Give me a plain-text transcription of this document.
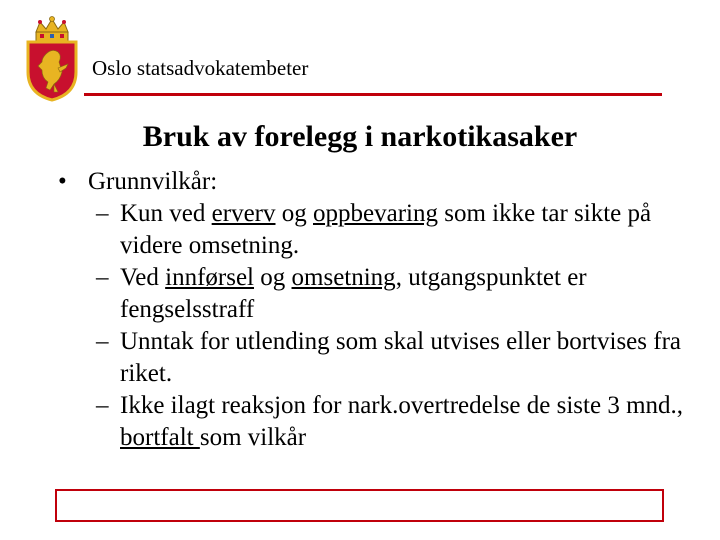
Oslo statsadvokatembeter
Bruk av forelegg i narkotikasaker
• Grunnvilkår:
– Kun ved erverv og oppbevaring som ikke tar sikte på videre omsetning.
– Ved innførsel og omsetning, utgangspunktet er fengselsstraff
– Unntak for utlending som skal utvises eller bortvises fra riket.
– Ikke ilagt reaksjon for nark.overtredelse de siste 3 mnd., bortfalt som vilkår
